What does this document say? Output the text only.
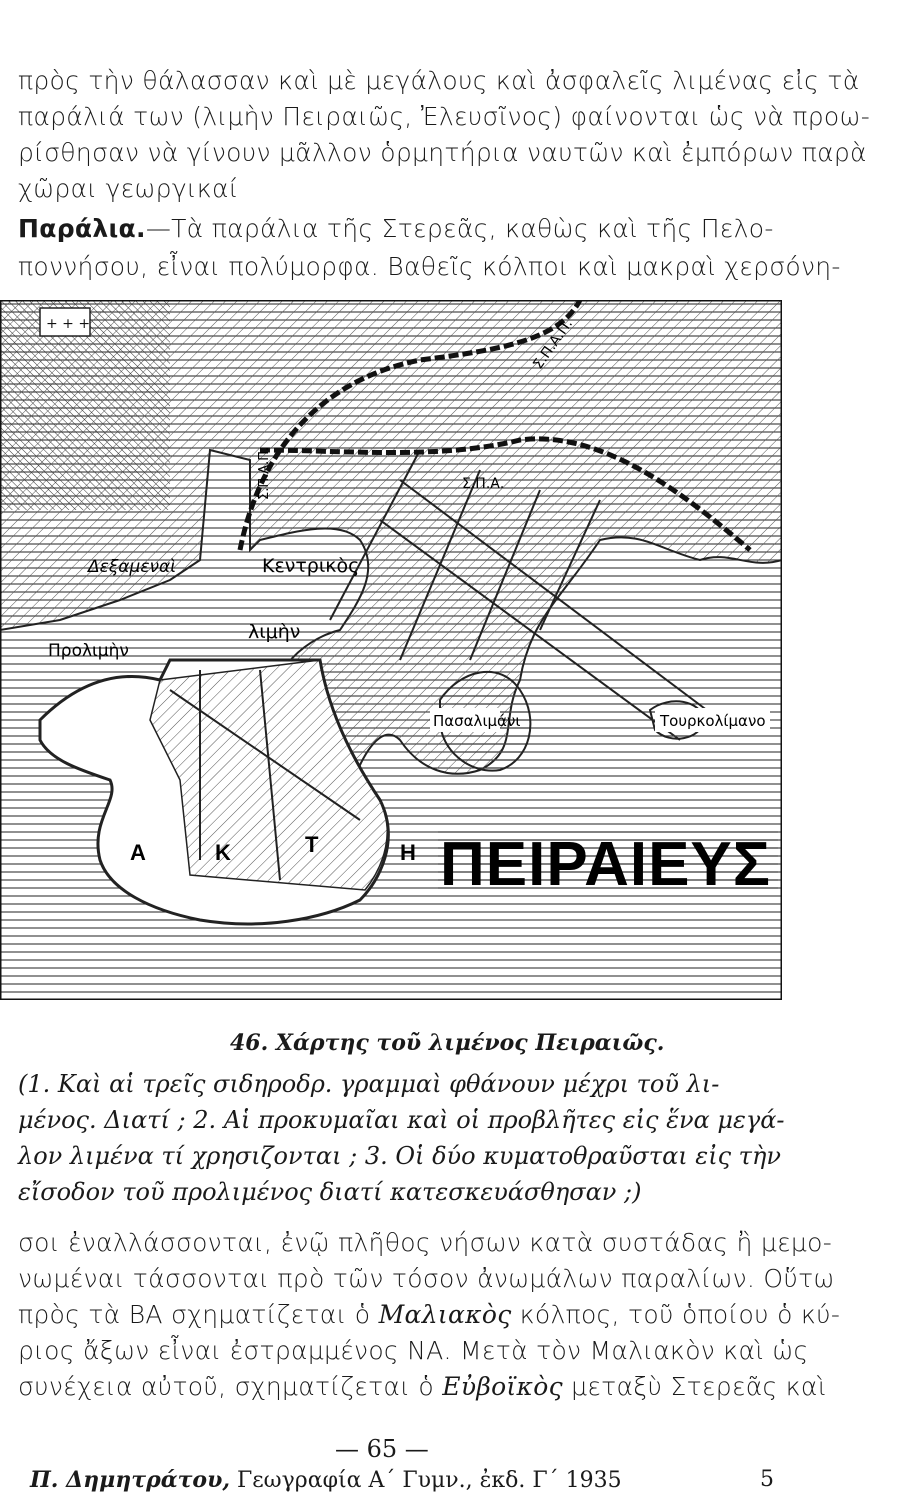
πρὸς τὴν θάλασσαν καὶ μὲ μεγάλους καὶ ἀσφαλεῖς λιμένας εἰς τὰ
παράλιά των (λιμὴν Πειραιῶς, Ἐλευσῖνος) φαίνονται ὡς νὰ προω-
ρίσθησαν νὰ γίνουν μᾶλλον ὁρμητήρια ναυτῶν καὶ ἐμπόρων παρὰ
χῶραι γεωργικαί
Παράλια.—Τὰ παράλια τῆς Στερεᾶς, καθὼς καὶ τῆς Πελο-
ποννήσου, εἶναι πολύμορφα. Βαθεῖς κόλποι καὶ μακραὶ χερσόνη-
+ + +
Δεξαμεναὶ	Κεντρικὸς
λιμὴν
Προλιμὴν
Πασαλιμάνι	Τουρκολίμανο
Σ.Π.Α.Π.
Σ.Π.Α.
Σ.Π.Α.Π.
Α	Κ	Τ	Η ΠΕΙΡΑΙΕΥΣ
46. Χάρτης τοῦ λιμένος Πειραιῶς.
(1. Καὶ αἱ τρεῖς σιδηροδρ. γραμμαὶ φθάνουν μέχρι τοῦ λι-
μένος. Διατί ; 2. Αἱ προκυμαῖαι καὶ οἱ προβλῆτες εἰς ἕνα μεγά-
λον λιμένα τί χρησιζονται ; 3. Οἱ δύο κυματοθραῦσται εἰς τὴν
εἴσοδον τοῦ προλιμένος διατί κατεσκευάσθησαν ;)
σοι ἐναλλάσσονται, ἐνῷ πλῆθος νήσων κατὰ συστάδας ἢ μεμο-
νωμέναι τάσσονται πρὸ τῶν τόσον ἀνωμάλων παραλίων. Οὕτω
πρὸς τὰ ΒΑ σχηματίζεται ὁ Μαλιακὸς κόλπος, τοῦ ὁποίου ὁ κύ-
ριος ἄξων εἶναι ἐστραμμένος ΝΑ. Μετὰ τὸν Μαλιακὸν καὶ ὡς
συνέχεια αὐτοῦ, σχηματίζεται ὁ Εὐβοϊκὸς μεταξὺ Στερεᾶς καὶ
— 65 —
Π. Δημητράτου, Γεωγραφία Α΄ Γυμν., ἐκδ. Γ΄ 1935	5
